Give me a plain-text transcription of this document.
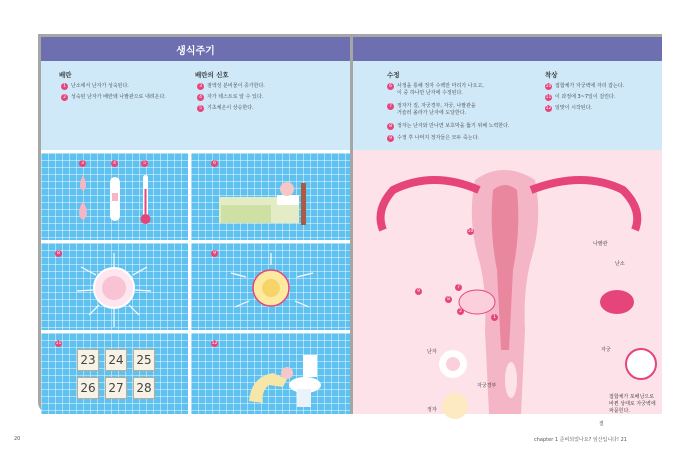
생식주기
배란
1	난소에서 난자가 성숙된다.
2	성숙된 난자가 배란돼 나팔관으로 내려온다.
배란의 신호
3	점액성 분비물이 증가한다.
4	자가 테스트로 알 수 있다.
5	기초체온이 상승한다.
수정
6	사정을 통해 정자 수백만 마리가 나오고,
이 중 하나만 난자에 수정된다.
7	정자가 질, 자궁경부, 자궁, 나팔관을
거슬러 올라가 난자에 도달한다.
8	정자는 난자와 만나면 보호막을 뚫기 위해 노력한다.
9	수정 후 나머지 정자들은 모두 죽는다.
착상
10 접합체가 자궁벽에 자리 잡는다.
11 이 과정에 3~7일이 걸린다.
12 임맞이 시작된다.
3	4	5	6
8	9
11
23 24 25
26 27 28
12
10
9
8
7
1
2
나팔관
난소
자궁
자궁경부
질
난자
정자
접합체가 포배낭으로
바뀐 상태로 자궁벽에
파묻힌다.
20	chapter 1 준비되었나요? 임산입니다! 21
